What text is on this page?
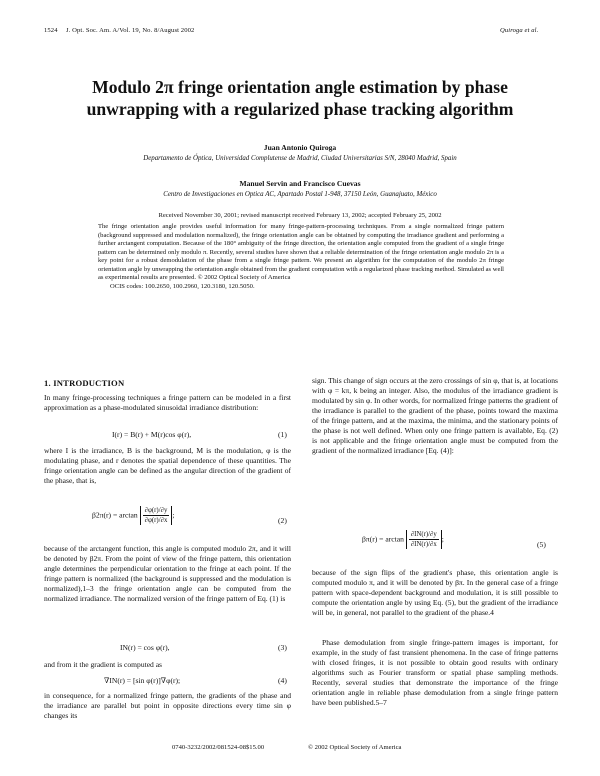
1524 J. Opt. Soc. Am. A/Vol. 19, No. 8/August 2002	Quiroga et al.
Modulo 2π fringe orientation angle estimation by phase unwrapping with a regularized phase tracking algorithm
Juan Antonio Quiroga
Departamento de Óptica, Universidad Complutense de Madrid, Ciudad Universitarias S/N, 28040 Madrid, Spain
Manuel Servin and Francisco Cuevas
Centro de Investigaciones en Optica AC, Apartado Postal 1-948, 37150 León, Guanajuato, México
Received November 30, 2001; revised manuscript received February 13, 2002; accepted February 25, 2002

The fringe orientation angle provides useful information for many fringe-pattern-processing techniques. From a single normalized fringe pattern (background suppressed and modulation normalized), the fringe orientation angle can be obtained by computing the irradiance gradient and performing a further arctangent computation. Because of the 180° ambiguity of the fringe direction, the orientation angle computed from the gradient of a single fringe pattern can be determined only modulo π. Recently, several studies have shown that a reliable determination of the fringe orientation angle modulo 2π is a key point for a robust demodulation of the phase from a single fringe pattern. We present an algorithm for the computation of the modulo 2π fringe orientation angle by unwrapping the orientation angle obtained from the gradient computation with a regularized phase tracking method. Simulated as well as experimental results are presented. © 2002 Optical Society of America

OCIS codes: 100.2650, 100.2960, 120.3180, 120.5050.
1. INTRODUCTION

In many fringe-processing techniques a fringe pattern can be modeled in a first approximation as a phase-modulated sinusoidal irradiance distribution:

I(r) = B(r) + M(r)cos φ(r),	(1)

where I is the irradiance, B is the background, M is the modulation, φ is the modulating phase, and r denotes the spatial dependence of these quantities. The fringe orientation angle can be defined as the angular direction of the gradient of the phase, that is,

$\beta 2\pi(r) = \arctan \frac{\partial\varphi(r)/\partial y}{\partial\varphi(r)/\partial x}$ ;
(2)

because of the arctangent function, this angle is computed modulo 2π, and it will be denoted by β2π. From the point of view of the fringe pattern, this orientation angle determines the perpendicular orientation to the fringe at each point. If the fringe pattern is normalized (the background is suppressed and the modulation is normalized),1–3 the fringe orientation angle can be computed from the normalized irradiance. The normalized version of the fringe pattern of Eq. (1) is

IN(r) = cos φ(r),	(3)

and from it the gradient is computed as

∇IN(r) = [sin φ(r)]∇φ(r);	(4)

in consequence, for a normalized fringe pattern, the gradients of the phase and the irradiance are parallel but point in opposite directions every time sin φ changes its

sign. This change of sign occurs at the zero crossings of sin φ, that is, at locations with φ = kπ, k being an integer. Also, the modulus of the irradiance gradient is modulated by sin φ. In other words, for normalized fringe patterns the gradient of the irradiance is parallel to the gradient of the phase, points toward the maxima of the fringe pattern, and at the maxima, the minima, and the stationary points of the phase is not well defined. When only one fringe pattern is available, Eq. (2) is not applicable and the fringe orientation angle must be computed from the gradient of the normalized irradiance [Eq. (4)]:

$\beta\pi(r) = \arctan \frac{\partial IN(r)/\partial y}{\partial IN(r)/\partial x}$ ;
(5)

because of the sign flips of the gradient's phase, this orientation angle is computed modulo π, and it will be denoted by βπ. In the general case of a fringe pattern with space-dependent background and modulation, it is still possible to compute the orientation angle by using Eq. (5), but the gradient of the irradiance will be, in general, not parallel to the gradient of the phase.4

Phase demodulation from single fringe-pattern images is important, for example, in the study of fast transient phenomena. In the case of fringe patterns with closed fringes, it is not possible to obtain good results with ordinary algorithms such as Fourier transform or spatial phase sampling methods. Recently, several studies that demonstrate the importance of the fringe orientation angle in reliable phase demodulation from a single fringe pattern have been published.5–7

0740-3232/2002/081524-08$15.00	© 2002 Optical Society of America
